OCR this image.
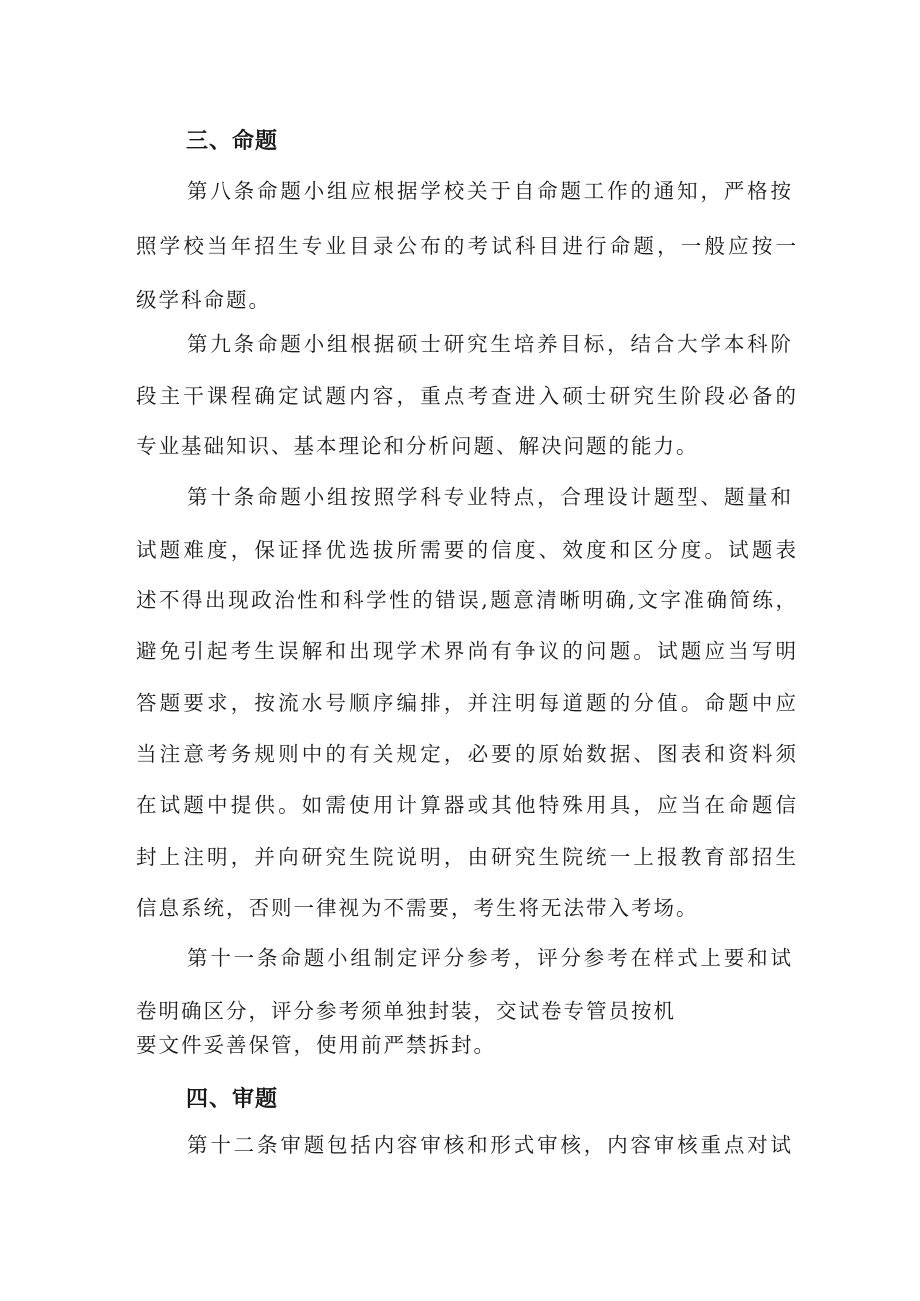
三、命题
第八条命题小组应根据学校关于自命题工作的通知，严格按
照学校当年招生专业目录公布的考试科目进行命题，一般应按一
级学科命题。
第九条命题小组根据硕士研究生培养目标，结合大学本科阶
段主干课程确定试题内容，重点考查进入硕士研究生阶段必备的
专业基础知识、基本理论和分析问题、解决问题的能力。
第十条命题小组按照学科专业特点，合理设计题型、题量和
试题难度，保证择优选拔所需要的信度、效度和区分度。试题表
述不得出现政治性和科学性的错误,题意清晰明确,文字准确简练，
避免引起考生误解和出现学术界尚有争议的问题。试题应当写明
答题要求，按流水号顺序编排，并注明每道题的分值。命题中应
当注意考务规则中的有关规定，必要的原始数据、图表和资料须
在试题中提供。如需使用计算器或其他特殊用具，应当在命题信
封上注明，并向研究生院说明，由研究生院统一上报教育部招生
信息系统，否则一律视为不需要，考生将无法带入考场。
第十一条命题小组制定评分参考，评分参考在样式上要和试
卷明确区分，评分参考须单独封装，交试卷专管员按机
要文件妥善保管，使用前严禁拆封。
四、审题
第十二条审题包括内容审核和形式审核，内容审核重点对试
